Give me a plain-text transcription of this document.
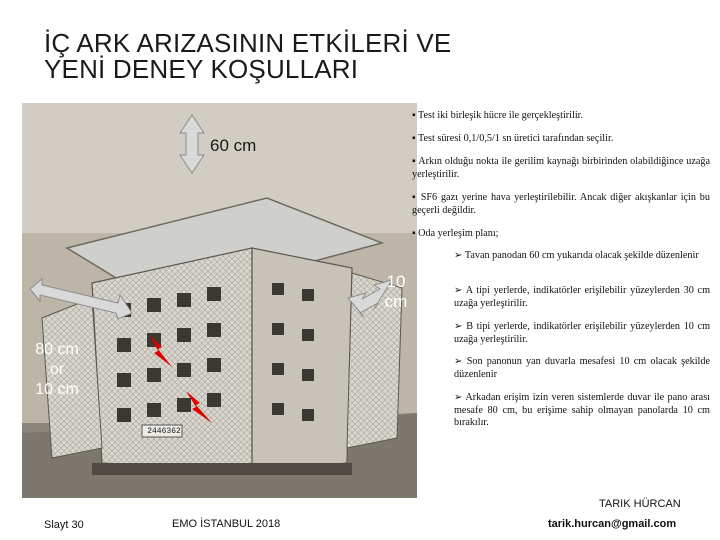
İÇ ARK ARIZASININ ETKİLERİ VE
YENİ DENEY KOŞULLARI
60 cm
10
cm
80 cm
or
10 cm
2446362

▪ Test iki birleşik hücre ile gerçekleştirilir.

▪ Test süresi 0,1/0,5/1 sn üretici tarafından seçilir.

▪ Arkın olduğu nokta ile gerilim kaynağı birbirinden olabildiğince uzağa yerleştirilir.

▪ SF6 gazı yerine hava yerleştirilebilir. Ancak diğer akışkanlar için bu geçerli değildir.

▪ Oda yerleşim planı;

➢ Tavan panodan 60 cm yukarıda olacak şekilde düzenlenir

➢ A tipi yerlerde, indikatörler erişilebilir yüzeylerden 30 cm uzağa yerleştirilir.

➢ B tipi yerlerde, indikatörler erişilebilir yüzeylerden 10 cm uzağa yerleştirilir.

➢ Son panonun yan duvarla mesafesi 10 cm olacak şekilde düzenlenir

➢ Arkadan erişim izin veren sistemlerde duvar ile pano arası mesafe 80 cm, bu erişime sahip olmayan panolarda 10 cm bırakılır.

Slayt 30	EMO İSTANBUL 2018
TARIK HÜRCAN
tarik.hurcan@gmail.com
